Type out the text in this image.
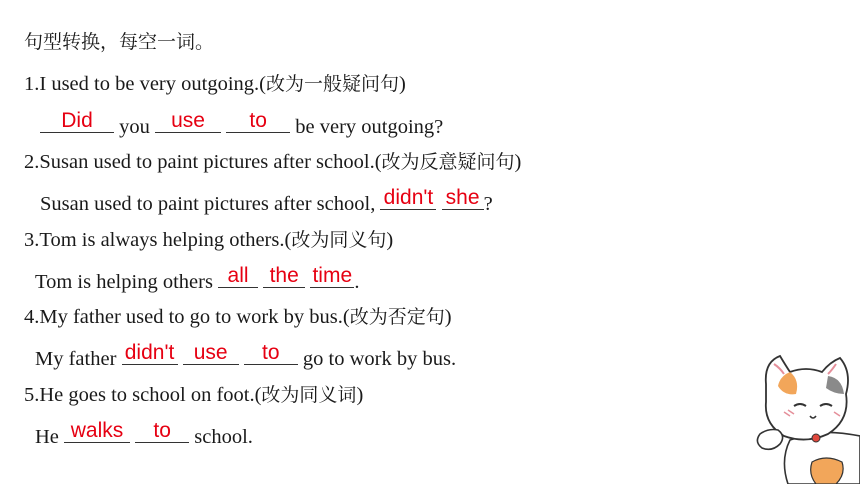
句型转换，每空一词。
1.I used to be very outgoing.(改为一般疑问句)
Did	you	use
	to	be very outgoing?
2.Susan used to paint pictures after school.(改为反意疑问句)
Susan used to paint pictures after school, didn't
she ?
3.Tom is always helping others.(改为同义句)
Tom is helping others all
	the
time .
4.My father used to go to work by bus.(改为否定句)
My father didn't
use
	to	go to work by bus.
5.He goes to school on foot.(改为同义词)
He walks
	to	school.
